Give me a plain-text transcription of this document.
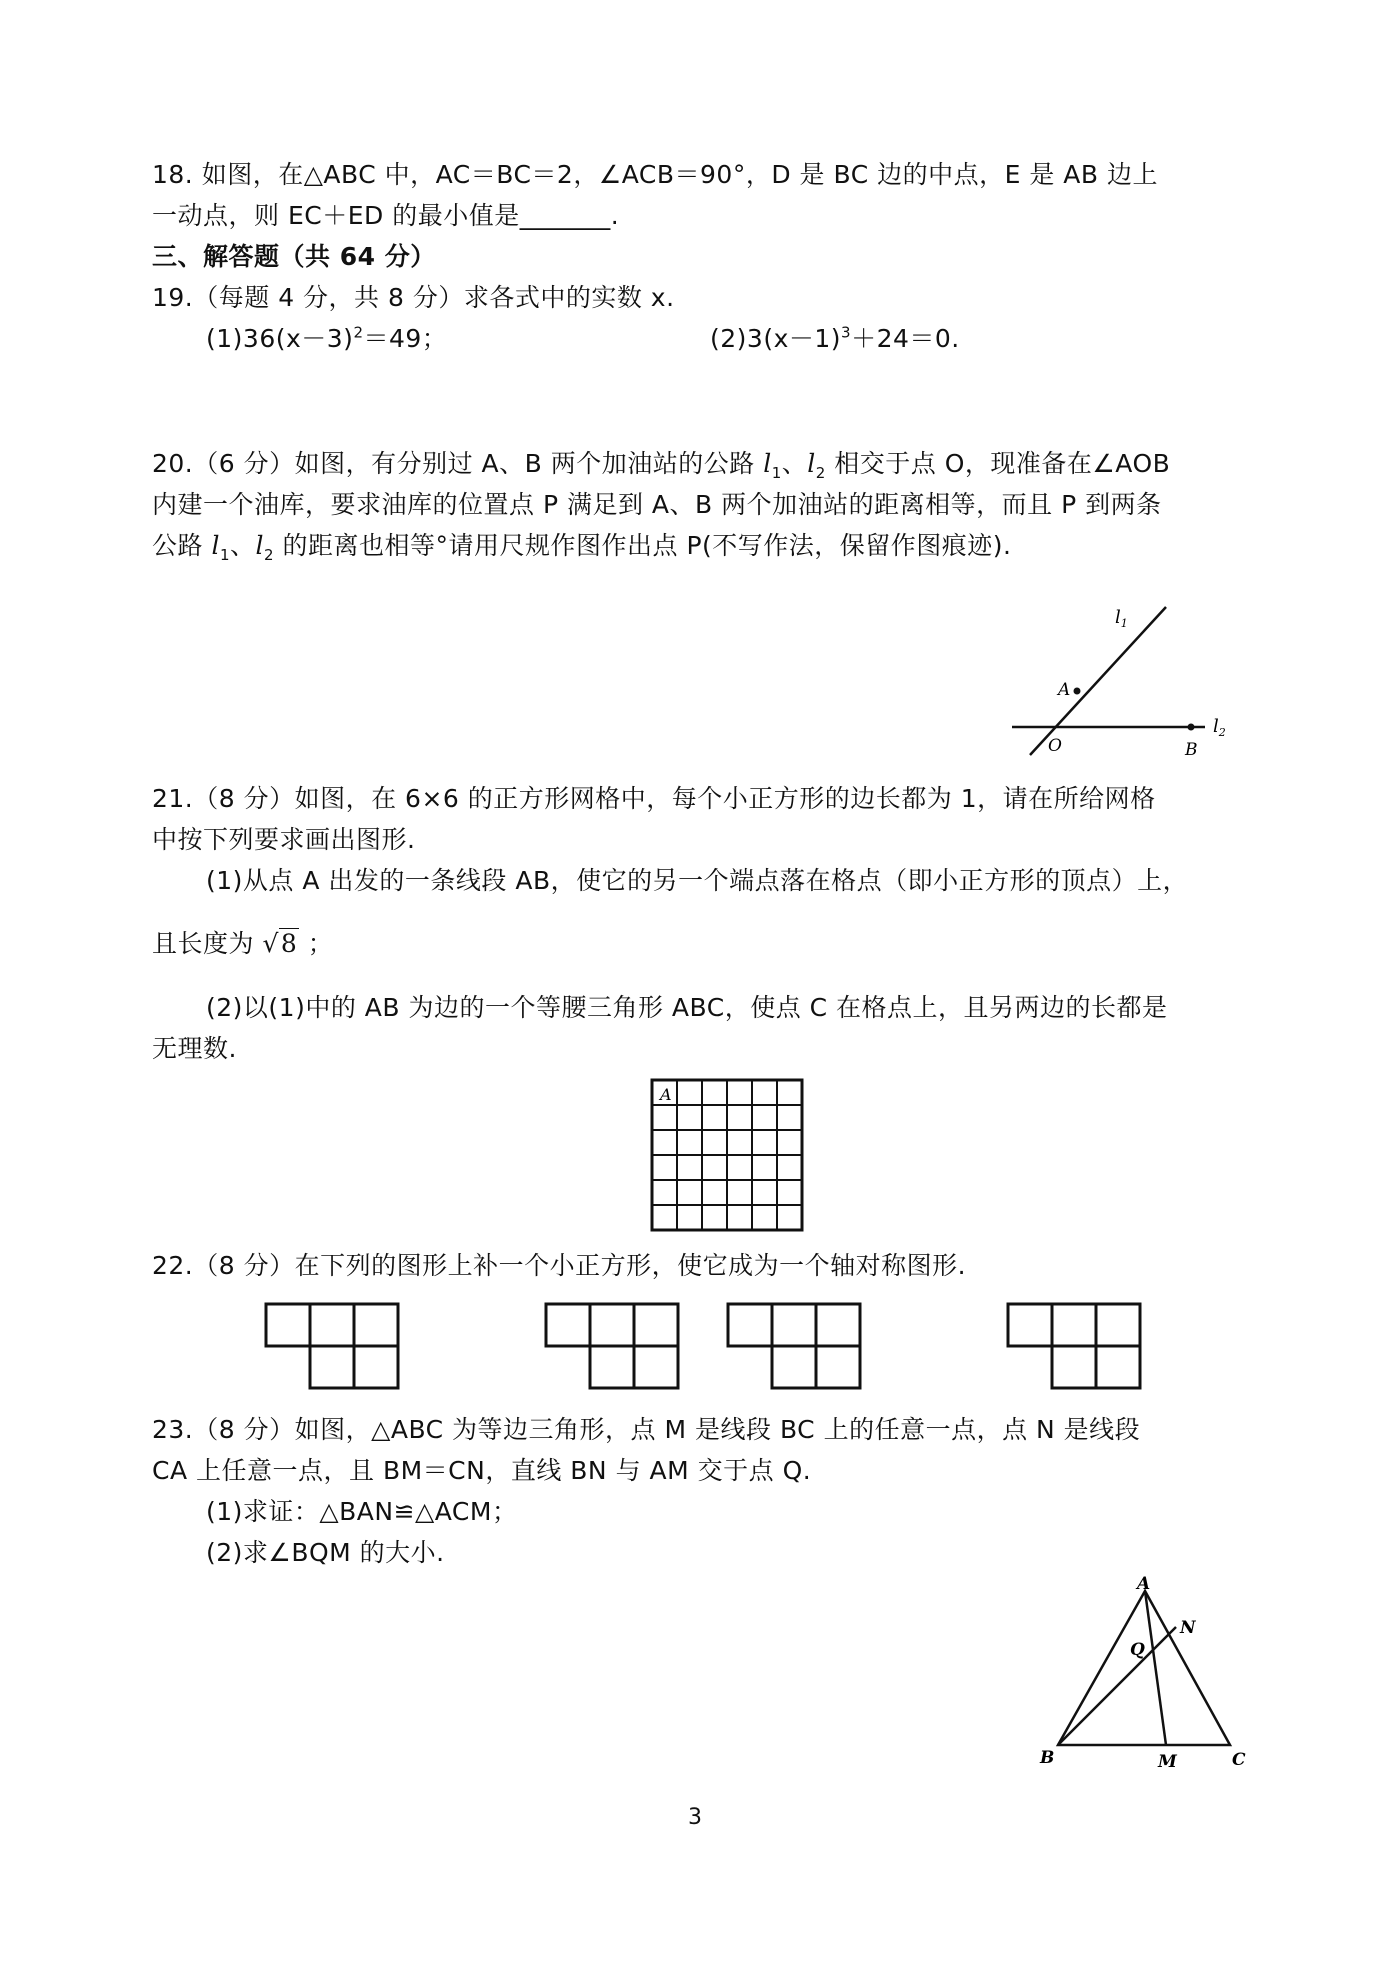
18. 如图，在△ABC 中，AC＝BC＝2，∠ACB＝90°，D 是 BC 边的中点，E 是 AB 边上
一动点，则 EC＋ED 的最小值是_______.
三、解答题（共 64 分）
19.（每题 4 分，共 8 分）求各式中的实数 x.
$(1)36(x-3)^2=49$；	$(2)3(x-1)^3+24=0$.
20.（6 分）如图，有分别过 A、B 两个加油站的公路 $l_1$、$l_2$ 相交于点 O，现准备在∠AOB
内建一个油库，要求油库的位置点 P 满足到 A、B 两个加油站的距离相等，而且 P 到两条
公路 $l_1$、$l_2$ 的距离也相等°请用尺规作图作出点 P(不写作法，保留作图痕迹).
$l_1$
$l_2$
A
O	B
21.（8 分）如图，在 6×6 的正方形网格中，每个小正方形的边长都为 1，请在所给网格
中按下列要求画出图形.
(1)从点 A 出发的一条线段 AB，使它的另一个端点落在格点（即小正方形的顶点）上，
且长度为 √8 ；
(2)以(1)中的 AB 为边的一个等腰三角形 ABC，使点 C 在格点上，且另两边的长都是
无理数.
A
22.（8 分）在下列的图形上补一个小正方形，使它成为一个轴对称图形.
23.（8 分）如图，△ABC 为等边三角形，点 M 是线段 BC 上的任意一点，点 N 是线段
CA 上任意一点，且 BM＝CN，直线 BN 与 AM 交于点 Q.
(1)求证：△BAN≌△ACM；
(2)求∠BQM 的大小.
A
B	C
M
N
Q
3
